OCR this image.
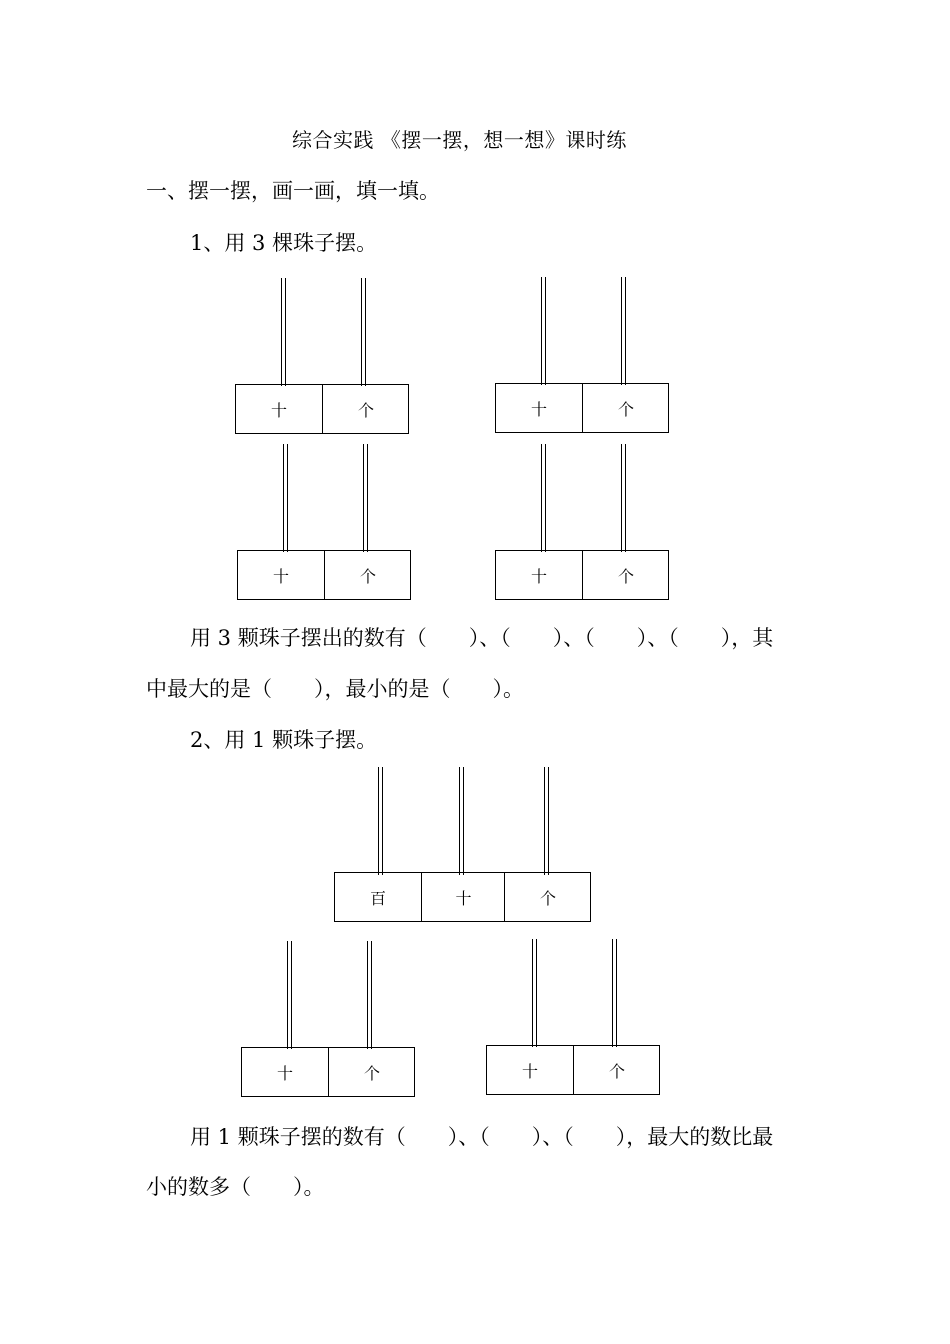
综合实践 《摆一摆，想一想》课时练
一、摆一摆，画一画，填一填。
1、用 3 棵珠子摆。
十	个	十	个
十	个	十	个
用 3 颗珠子摆出的数有（　　）、（　　）、（　　）、（　　），其
中最大的是（　　），最小的是（　　）。
2、用 1 颗珠子摆。
百	十	个
十	个	十	个
用 1 颗珠子摆的数有（　　）、（　　）、（　　），最大的数比最
小的数多（　　）。
